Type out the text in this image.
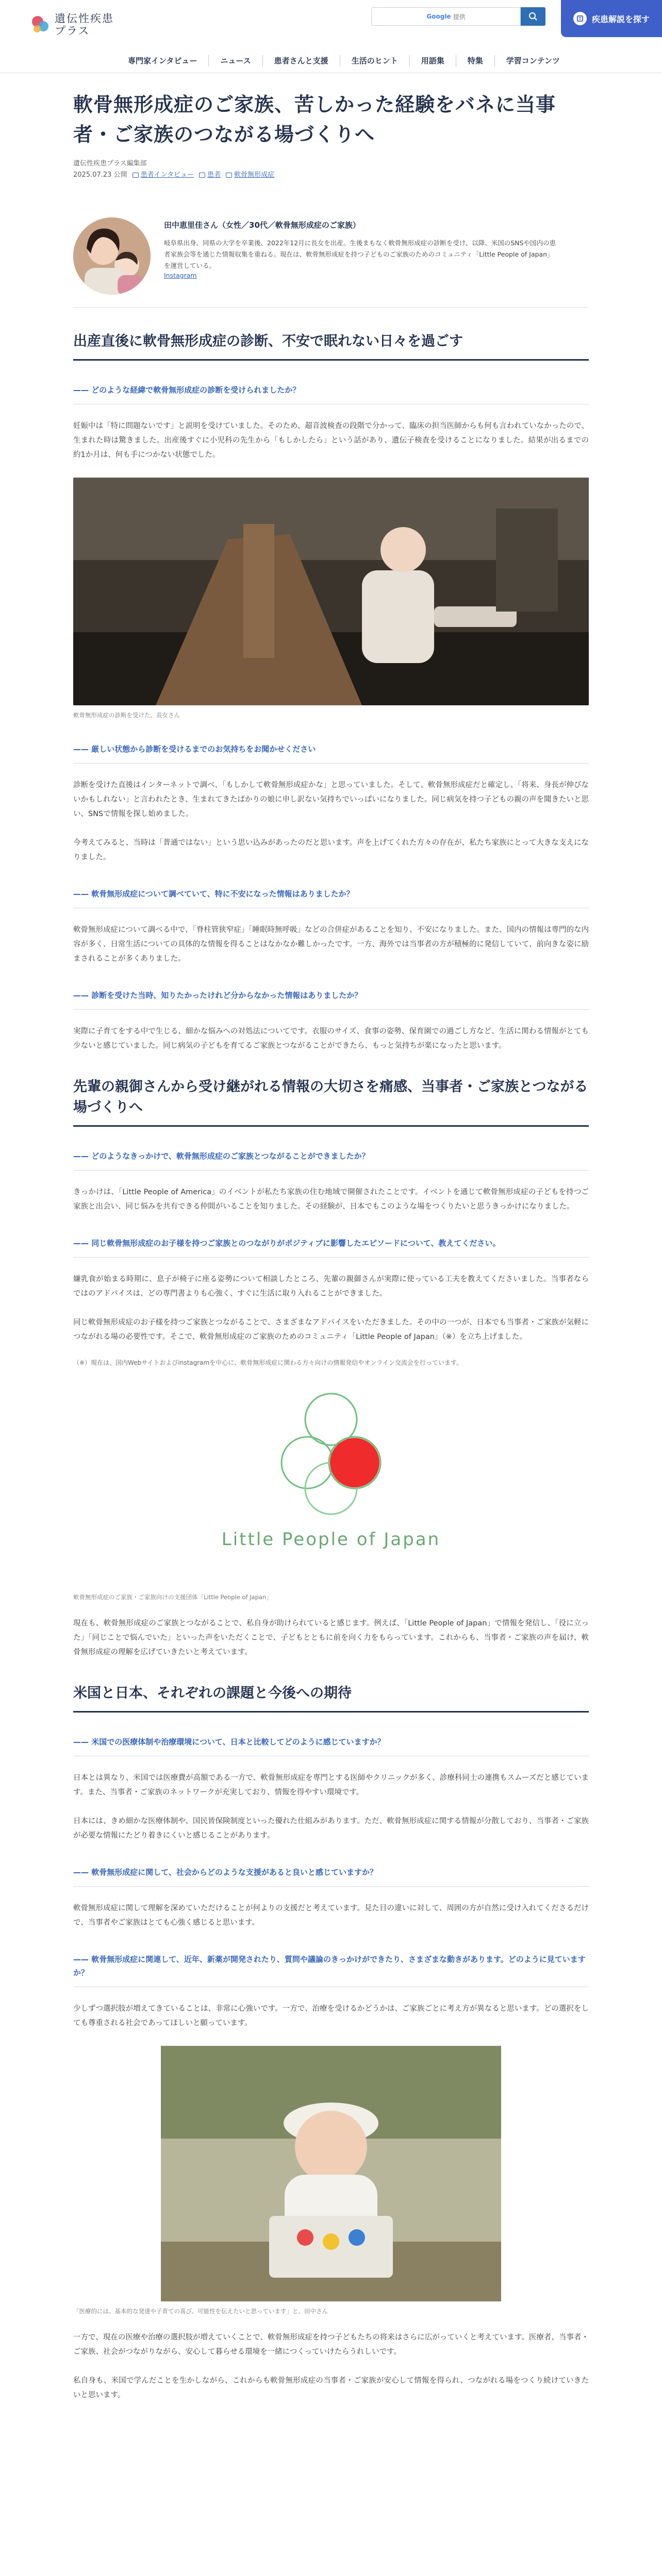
遺伝性疾患
プラス
Google 提供	疾患解説を探す
専門家インタビュー	ニュース	患者さんと支援	生活のヒント	用語集	特集	学習コンテンツ
軟骨無形成症のご家族、苦しかった経験をバネに当事者・ご家族のつながる場づくりへ
遺伝性疾患プラス編集部
2025.07.23 公開 患者インタビュー 患者 軟骨無形成症
田中恵里佳さん（女性／30代／軟骨無形成症のご家族）

岐阜県出身、同県の大学を卒業後、2022年12月に長女を出産。生後まもなく軟骨無形成症の診断を受け、以降、米国のSNSや国内の患者家族会等を通じた情報収集を重ねる。現在は、軟骨無形成症を持つ子どものご家族のためのコミュニティ「Little People of Japan」を運営している。

Instagram
出産直後に軟骨無形成症の診断、不安で眠れない日々を過ごす
—— どのような経緯で軟骨無形成症の診断を受けられましたか？

妊娠中は「特に問題ないです」と説明を受けていました。そのため、超音波検査の段階で分かって、臨床の担当医師からも何も言われていなかったので、生まれた時は驚きました。出産後すぐに小児科の先生から「もしかしたら」という話があり、遺伝子検査を受けることになりました。結果が出るまでの約1か月は、何も手につかない状態でした。

軟骨無形成症の診断を受けた、長女さん
—— 厳しい状態から診断を受けるまでのお気持ちをお聞かせください

診断を受けた直後はインターネットで調べ、「もしかして軟骨無形成症かな」と思っていました。そして、軟骨無形成症だと確定し、「将来、身長が伸びないかもしれない」と言われたとき、生まれてきたばかりの娘に申し訳ない気持ちでいっぱいになりました。同じ病気を持つ子どもの親の声を聞きたいと思い、SNSで情報を探し始めました。

今考えてみると、当時は「普通ではない」という思い込みがあったのだと思います。声を上げてくれた方々の存在が、私たち家族にとって大きな支えになりました。

—— 軟骨無形成症について調べていて、特に不安になった情報はありましたか？

軟骨無形成症について調べる中で、「脊柱管狭窄症」「睡眠時無呼吸」などの合併症があることを知り、不安になりました。また、国内の情報は専門的な内容が多く、日常生活についての具体的な情報を得ることはなかなか難しかったです。一方、海外では当事者の方が積極的に発信していて、前向きな姿に励まされることが多くありました。

—— 診断を受けた当時、知りたかったけれど分からなかった情報はありましたか？

実際に子育てをする中で生じる、細かな悩みへの対処法についてです。衣服のサイズ、食事の姿勢、保育園での過ごし方など、生活に関わる情報がとても少ないと感じていました。同じ病気の子どもを育てるご家族とつながることができたら、もっと気持ちが楽になったと思います。

先輩の親御さんから受け継がれる情報の大切さを痛感、当事者・ご家族とつながる場づくりへ
—— どのようなきっかけで、軟骨無形成症のご家族とつながることができましたか？

きっかけは、「Little People of America」のイベントが私たち家族の住む地域で開催されたことです。イベントを通じて軟骨無形成症の子どもを持つご家族と出会い、同じ悩みを共有できる仲間がいることを知りました。その経験が、日本でもこのような場をつくりたいと思うきっかけになりました。

—— 同じ軟骨無形成症のお子様を持つご家族とのつながりがポジティブに影響したエピソードについて、教えてください。

嫌乳食が始まる時期に、息子が椅子に座る姿勢について相談したところ、先輩の親御さんが実際に使っている工夫を教えてくださいました。当事者ならではのアドバイスは、どの専門書よりも心強く、すぐに生活に取り入れることができました。

同じ軟骨無形成症のお子様を持つご家族とつながることで、さまざまなアドバイスをいただきました。その中の一つが、日本でも当事者・ご家族が気軽につながれる場の必要性です。そこで、軟骨無形成症のご家族のためのコミュニティ「Little People of Japan」（※）を立ち上げました。

（※）現在は、国内Webサイトおよびinstagramを中心に、軟骨無形成症に関わる方々向けの情報発信やオンライン交流会を行っています。
Little People of Japan
軟骨無形成症のご家族・ご家族向けの支援団体「Little People of Japan」

現在も、軟骨無形成症のご家族とつながることで、私自身が助けられていると感じます。例えば、「Little People of Japan」で情報を発信し、「役に立った」「同じことで悩んでいた」といった声をいただくことで、子どもとともに前を向く力をもらっています。これからも、当事者・ご家族の声を届け、軟骨無形成症の理解を広げていきたいと考えています。

米国と日本、それぞれの課題と今後への期待
—— 米国での医療体制や治療環境について、日本と比較してどのように感じていますか？

日本とは異なり、米国では医療費が高額である一方で、軟骨無形成症を専門とする医師やクリニックが多く、診療科同士の連携もスムーズだと感じています。また、当事者・ご家族のネットワークが充実しており、情報を得やすい環境です。

日本には、きめ細かな医療体制や、国民皆保険制度といった優れた仕組みがあります。ただ、軟骨無形成症に関する情報が分散しており、当事者・ご家族が必要な情報にたどり着きにくいと感じることがあります。

—— 軟骨無形成症に関して、社会からどのような支援があると良いと感じていますか？

軟骨無形成症に関して理解を深めていただけることが何よりの支援だと考えています。見た目の違いに対して、周囲の方が自然に受け入れてくださるだけで、当事者やご家族はとても心強く感じると思います。

—— 軟骨無形成症に関連して、近年、新薬が開発されたり、質問や議論のきっかけができたり、さまざまな動きがあります。どのように見ていますか？

少しずつ選択肢が増えてきていることは、非常に心強いです。一方で、治療を受けるかどうかは、ご家族ごとに考え方が異なると思います。どの選択をしても尊重される社会であってほしいと願っています。

「医療的には、基本的な発達や子育ての喜び、可能性を伝えたいと思っています」と、田中さん

一方で、現在の医療や治療の選択肢が増えていくことで、軟骨無形成症を持つ子どもたちの将来はさらに広がっていくと考えています。医療者、当事者・ご家族、社会がつながりながら、安心して暮らせる環境を一緒につくっていけたらうれしいです。

私自身も、米国で学んだことを生かしながら、これからも軟骨無形成症の当事者・ご家族が安心して情報を得られ、つながれる場をつくり続けていきたいと思います。
